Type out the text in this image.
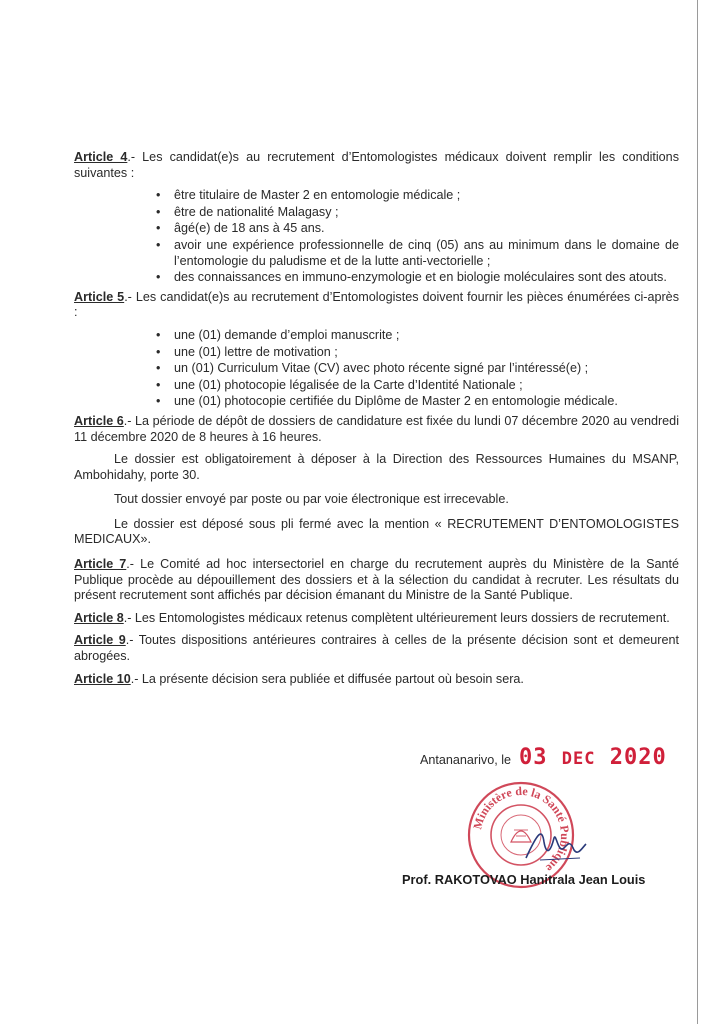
Article 4.- Les candidat(e)s au recrutement d’Entomologistes médicaux doivent remplir les conditions suivantes :

• être titulaire de Master 2 en entomologie médicale ;
• être de nationalité Malagasy ;
• âgé(e) de 18 ans à 45 ans.
• avoir une expérience professionnelle de cinq (05) ans au minimum dans le domaine de l’entomologie du paludisme et de la lutte anti-vectorielle ;
• des connaissances en immuno-enzymologie et en biologie moléculaires sont des atouts.

Article 5.- Les candidat(e)s au recrutement d’Entomologistes doivent fournir les pièces énumérées ci-après :

• une (01) demande d’emploi manuscrite ;
• une (01) lettre de motivation ;
• un (01) Curriculum Vitae (CV) avec photo récente signé par l’intéressé(e) ;
• une (01) photocopie légalisée de la Carte d’Identité Nationale ;
• une (01) photocopie certifiée du Diplôme de Master 2 en entomologie médicale.

Article 6.- La période de dépôt de dossiers de candidature est fixée du lundi 07 décembre 2020 au vendredi 11 décembre 2020 de 8 heures à 16 heures.

Le dossier est obligatoirement à déposer à la Direction des Ressources Humaines du MSANP, Ambohidahy, porte 30.

Tout dossier envoyé par poste ou par voie électronique est irrecevable.

Le dossier est déposé sous pli fermé avec la mention « RECRUTEMENT D’ENTOMOLOGISTES MEDICAUX».

Article 7.- Le Comité ad hoc intersectoriel en charge du recrutement auprès du Ministère de la Santé Publique procède au dépouillement des dossiers et à la sélection du candidat à recruter. Les résultats du présent recrutement sont affichés par décision émanant du Ministre de la Santé Publique.

Article 8.- Les Entomologistes médicaux retenus complètent ultérieurement leurs dossiers de recrutement.

Article 9.- Toutes dispositions antérieures contraires à celles de la présente décision sont et demeurent abrogées.

Article 10.- La présente décision sera publiée et diffusée partout où besoin sera.

Antananarivo, le 03 DEC 2020
Ministère de la Santé Publique
Prof. RAKOTOVAO Hanitrala Jean Louis
